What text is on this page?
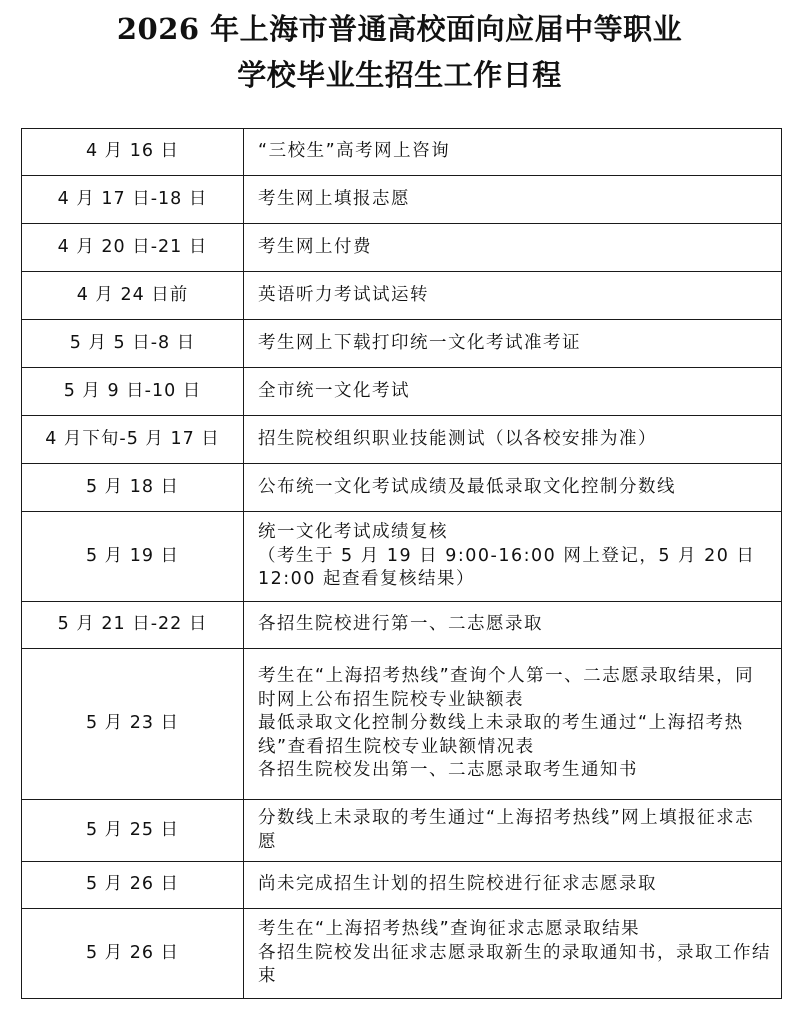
2026 年上海市普通高校面向应届中等职业
学校毕业生招生工作日程
4 月 16 日	“三校生”高考网上咨询

4 月 17 日-18 日	考生网上填报志愿

4 月 20 日-21 日	考生网上付费

4 月 24 日前	英语听力考试试运转

5 月 5 日-8 日	考生网上下载打印统一文化考试准考证

5 月 9 日-10 日	全市统一文化考试

4 月下旬-5 月 17 日	招生院校组织职业技能测试（以各校安排为准）

5 月 18 日	公布统一文化考试成绩及最低录取文化控制分数线

5 月 19 日	统一文化考试成绩复核
（考生于 5 月 19 日 9:00-16:00 网上登记，5 月 20 日 12:00 起查看复核结果）

5 月 21 日-22 日	各招生院校进行第一、二志愿录取

5 月 23 日	考生在“上海招考热线”查询个人第一、二志愿录取结果，同时网上公布招生院校专业缺额表
最低录取文化控制分数线上未录取的考生通过“上海招考热线”查看招生院校专业缺额情况表
各招生院校发出第一、二志愿录取考生通知书

5 月 25 日	分数线上未录取的考生通过“上海招考热线”网上填报征求志愿

5 月 26 日	尚未完成招生计划的招生院校进行征求志愿录取

5 月 26 日	考生在“上海招考热线”查询征求志愿录取结果
各招生院校发出征求志愿录取新生的录取通知书，录取工作结束
